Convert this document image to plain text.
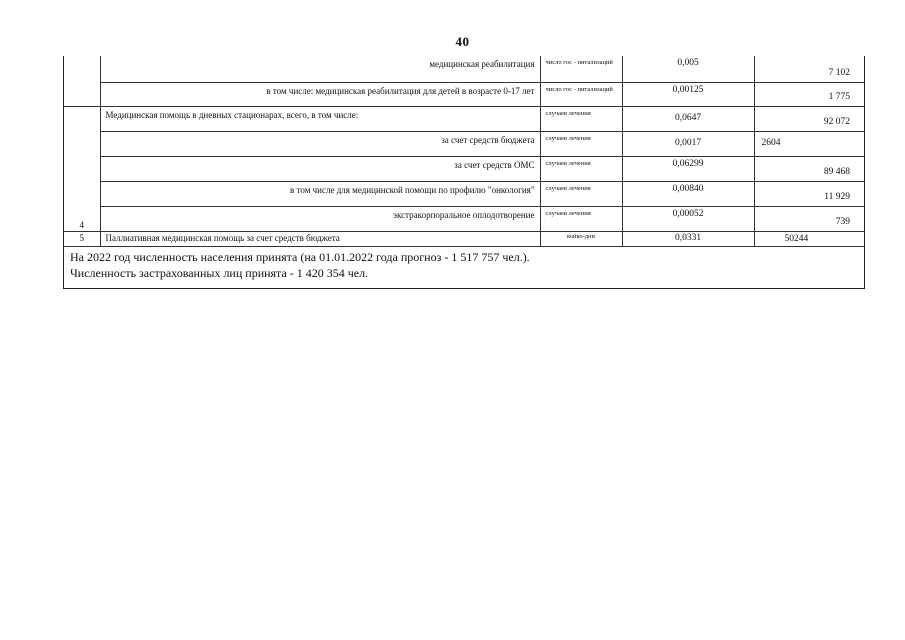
40
	медицинская реабилитация	число гос - питализаций	0,005	7 102
	в том числе: медицинская реабилитация для детей в возрасте 0-17 лет	число гос - питализаций	0,00125	1 775
4	Медицинская помощь в дневных стационарах, всего, в том числе:	случаев лечения	0,0647	92 072
	за счет средств бюджета	случаев лечения	0,0017	2604
	за счет средств ОМС	случаев лечения	0,06299	89 468
	в том числе для медицинской помощи по профилю "онкология"	случаев лечения	0,00840	11 929
	экстракорпоральное оплодотворение	случаев лечения	0,00052	739
5	Паллиативная медицинская помощь за счет средств бюджета	койко-дни	0,0331	50244
На 2022 год численность населения принята (на 01.01.2022 года прогноз - 1 517 757 чел.).
Численность застрахованных лиц принята - 1 420 354 чел.
